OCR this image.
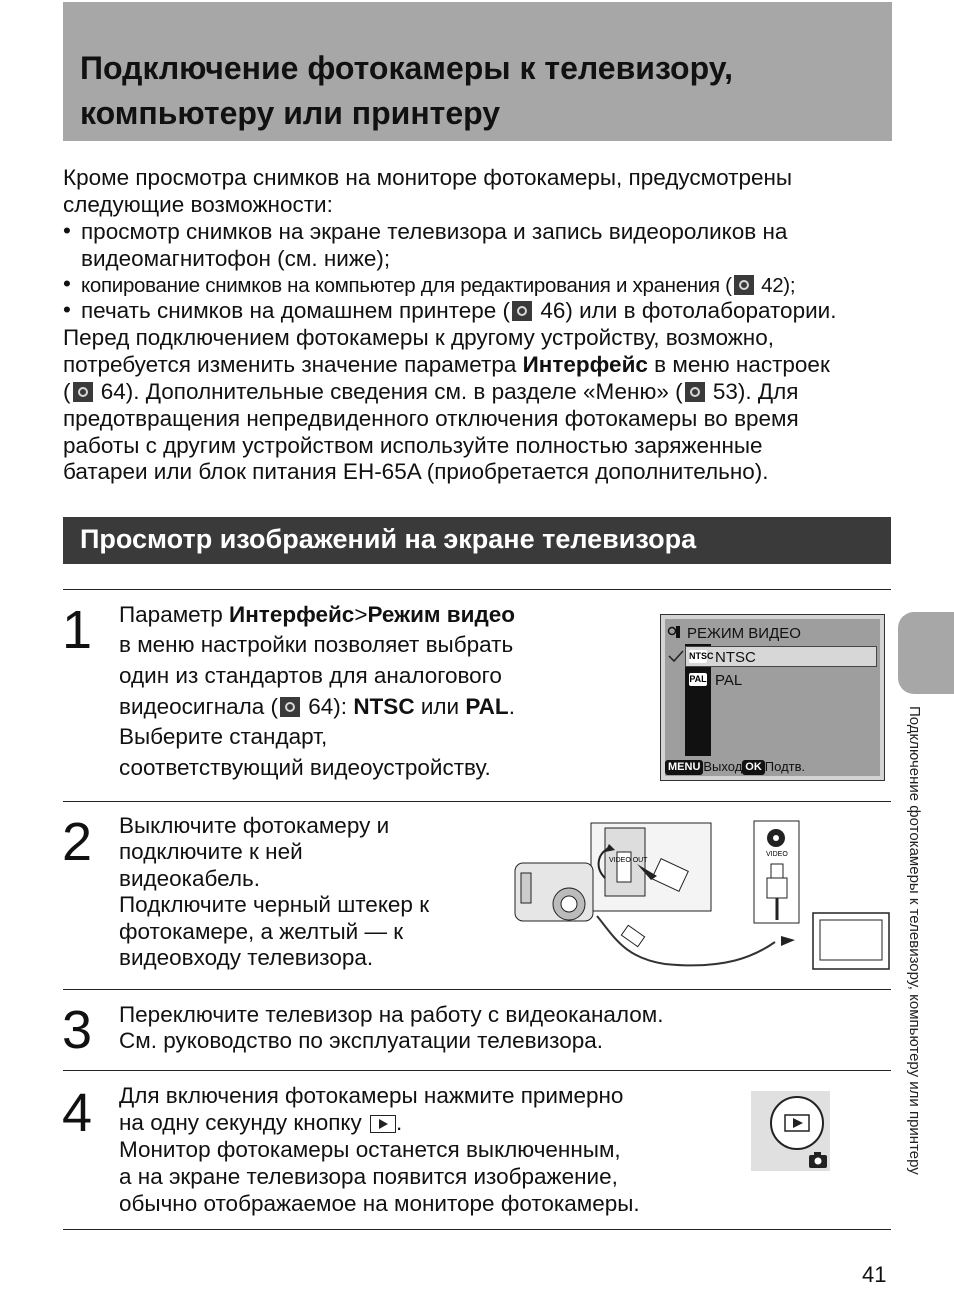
Подключение фотокамеры к телевизору,
компьютеру или принтеру
Кроме просмотра снимков на мониторе фотокамеры, предусмотрены
следующие возможности:
• просмотр снимков на экране телевизора и запись видеороликов на
видеомагнитофон (см. ниже);
• копирование снимков на компьютер для редактирования и хранения ( 42);
• печать снимков на домашнем принтере ( 46) или в фотолаборатории.
Перед подключением фотокамеры к другому устройству, возможно,
потребуется изменить значение параметра Интерфейс в меню настроек
( 64). Дополнительные сведения см. в разделе «Меню» ( 53). Для
предотвращения непредвиденного отключения фотокамеры во время
работы с другим устройством используйте полностью заряженные
батареи или блок питания EH-65A (приобретается дополнительно).
Просмотр изображений на экране телевизора
1 Параметр Интерфейс>Режим видео
в меню настройки позволяет выбрать
один из стандартов для аналогового
видеосигнала ( 64): NTSC или PAL.
Выберите стандарт,
соответствующий видеоустройству.
РЕЖИМ ВИДЕО
NTSC NTSC
PAL PAL
MENU Выход OK Подтв.
2 Выключите фотокамеру и
подключите к ней
видеокабель.
Подключите черный штекер к
фотокамере, а желтый — к
видеовходу телевизора.
VIDEO OUT
VIDEO
3 Переключите телевизор на работу с видеоканалом.
См. руководство по эксплуатации телевизора.
4 Для включения фотокамеры нажмите примерно
на одну секунду кнопку .
Монитор фотокамеры останется выключенным,
а на экране телевизора появится изображение,
обычно отображаемое на мониторе фотокамеры.
Подключение фотокамеры к телевизору, компьютеру или принтеру
41
